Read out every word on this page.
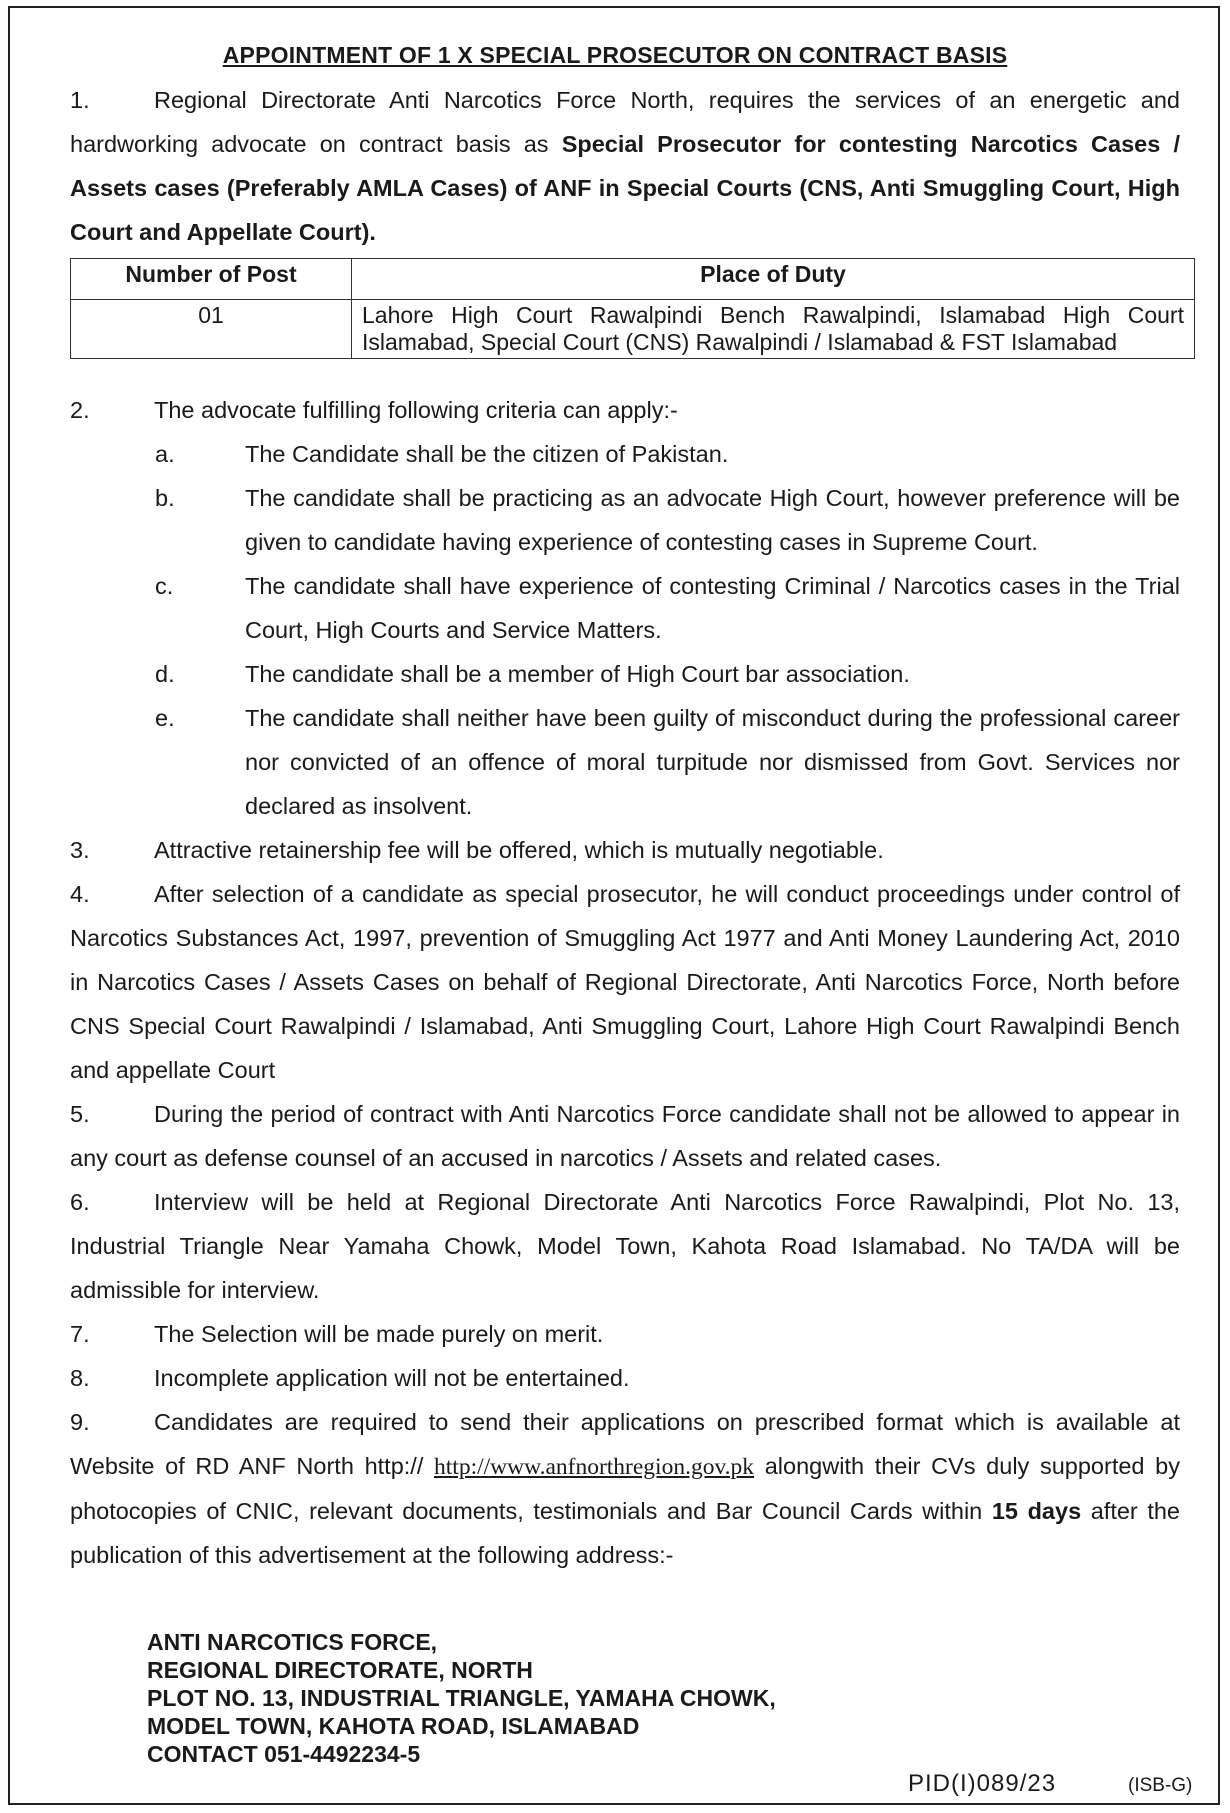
APPOINTMENT OF 1 X SPECIAL PROSECUTOR ON CONTRACT BASIS

1.	Regional Directorate Anti Narcotics Force North, requires the services of an energetic and hardworking advocate on contract basis as Special Prosecutor for contesting Narcotics Cases / Assets cases (Preferably AMLA Cases) of ANF in Special Courts (CNS, Anti Smuggling Court, High Court and Appellate Court).

Number of Post	Place of Duty
01	Lahore High Court Rawalpindi Bench Rawalpindi, Islamabad High Court Islamabad, Special Court (CNS) Rawalpindi / Islamabad & FST Islamabad

2.	The advocate fulfilling following criteria can apply:-

a.	The Candidate shall be the citizen of Pakistan.

b.	The candidate shall be practicing as an advocate High Court, however preference will be given to candidate having experience of contesting cases in Supreme Court.

c.	The candidate shall have experience of contesting Criminal / Narcotics cases in the Trial Court, High Courts and Service Matters.

d.	The candidate shall be a member of High Court bar association.

e.	The candidate shall neither have been guilty of misconduct during the professional career nor convicted of an offence of moral turpitude nor dismissed from Govt. Services nor declared as insolvent.

3.	Attractive retainership fee will be offered, which is mutually negotiable.

4.	After selection of a candidate as special prosecutor, he will conduct proceedings under control of Narcotics Substances Act, 1997, prevention of Smuggling Act 1977 and Anti Money Laundering Act, 2010 in Narcotics Cases / Assets Cases on behalf of Regional Directorate, Anti Narcotics Force, North before CNS Special Court Rawalpindi / Islamabad, Anti Smuggling Court, Lahore High Court Rawalpindi Bench and appellate Court

5.	During the period of contract with Anti Narcotics Force candidate shall not be allowed to appear in any court as defense counsel of an accused in narcotics / Assets and related cases.

6.	Interview will be held at Regional Directorate Anti Narcotics Force Rawalpindi, Plot No. 13, Industrial Triangle Near Yamaha Chowk, Model Town, Kahota Road Islamabad. No TA/DA will be admissible for interview.

7.	The Selection will be made purely on merit.

8.	Incomplete application will not be entertained.

9.	Candidates are required to send their applications on prescribed format which is available at Website of RD ANF North http:// http://www.anfnorthregion.gov.pk alongwith their CVs duly supported by photocopies of CNIC, relevant documents, testimonials and Bar Council Cards within 15 days after the publication of this advertisement at the following address:-

ANTI NARCOTICS FORCE,
REGIONAL DIRECTORATE, NORTH
PLOT NO. 13, INDUSTRIAL TRIANGLE, YAMAHA CHOWK,
MODEL TOWN, KAHOTA ROAD, ISLAMABAD
CONTACT 051-4492234-5
PID(I)089/23	(ISB-G)
